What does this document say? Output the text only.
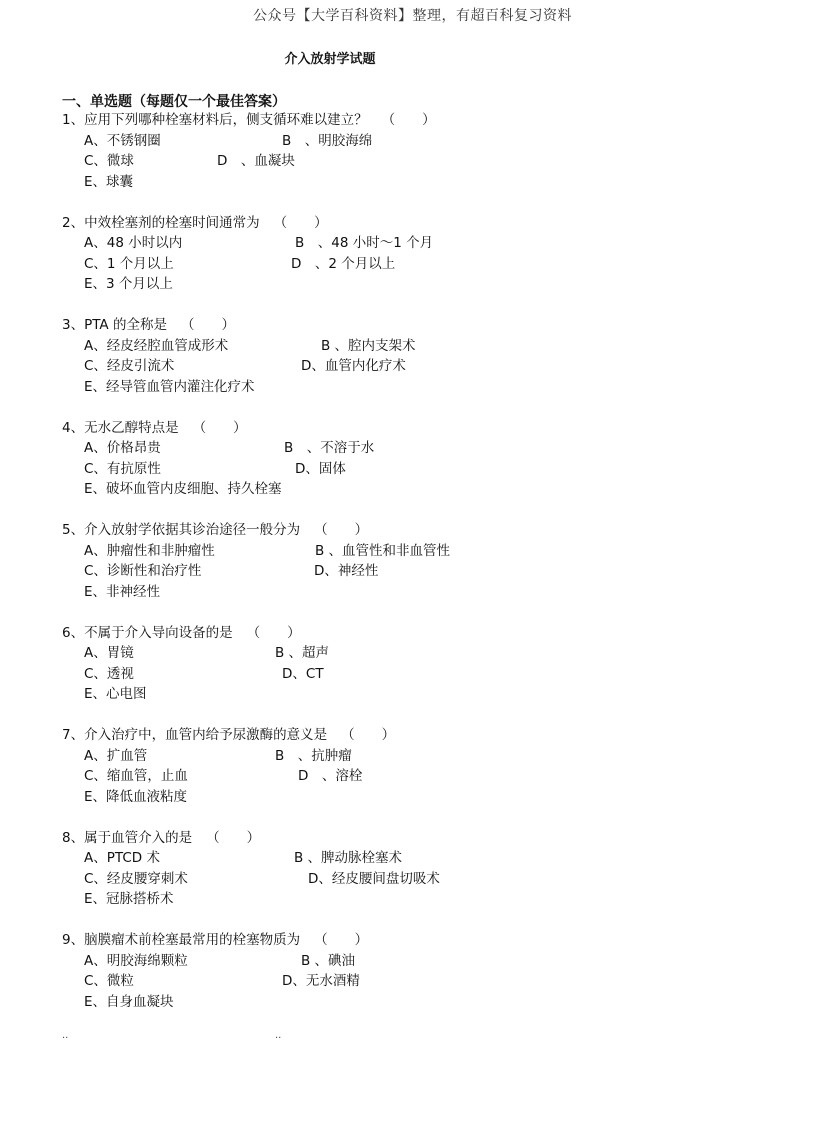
公众号【大学百科资料】整理，有超百科复习资料
介入放射学试题
一、单选题（每题仅一个最佳答案）
1、应用下列哪种栓塞材料后，侧支循环难以建立？ （　　）
A、不锈钢圈	B　、明胶海绵
C、微球	D　、血凝块
E、球囊
2、中效栓塞剂的栓塞时间通常为 （　　）
A、48 小时以内	B　、48 小时～1 个月
C、1 个月以上	D　、2 个月以上
E、3 个月以上
3、PTA 的全称是 （　　）
A、经皮经腔血管成形术	B 、腔内支架术
C、经皮引流术	D、血管内化疗术
E、经导管血管内灌注化疗术
4、无水乙醇特点是 （　　）
A、价格昂贵	B　、不溶于水
C、有抗原性	D、固体
E、破坏血管内皮细胞、持久栓塞
5、介入放射学依据其诊治途径一般分为 （　　）
A、肿瘤性和非肿瘤性	B 、血管性和非血管性
C、诊断性和治疗性	D、神经性
E、非神经性
6、不属于介入导向设备的是 （　　）
A、胃镜	B 、超声
C、透视	D、CT
E、心电图
7、介入治疗中，血管内给予尿激酶的意义是 （　　）
A、扩血管	B　、抗肿瘤
C、缩血管，止血	D　、溶栓
E、降低血液粘度
8、属于血管介入的是 （　　）
A、PTCD 术	B 、脾动脉栓塞术
C、经皮腰穿刺术	D、经皮腰间盘切吸术
E、冠脉搭桥术
9、脑膜瘤术前栓塞最常用的栓塞物质为 （　　）
A、明胶海绵颗粒	B 、碘油
C、微粒	D、无水酒精
E、自身血凝块
..	..
